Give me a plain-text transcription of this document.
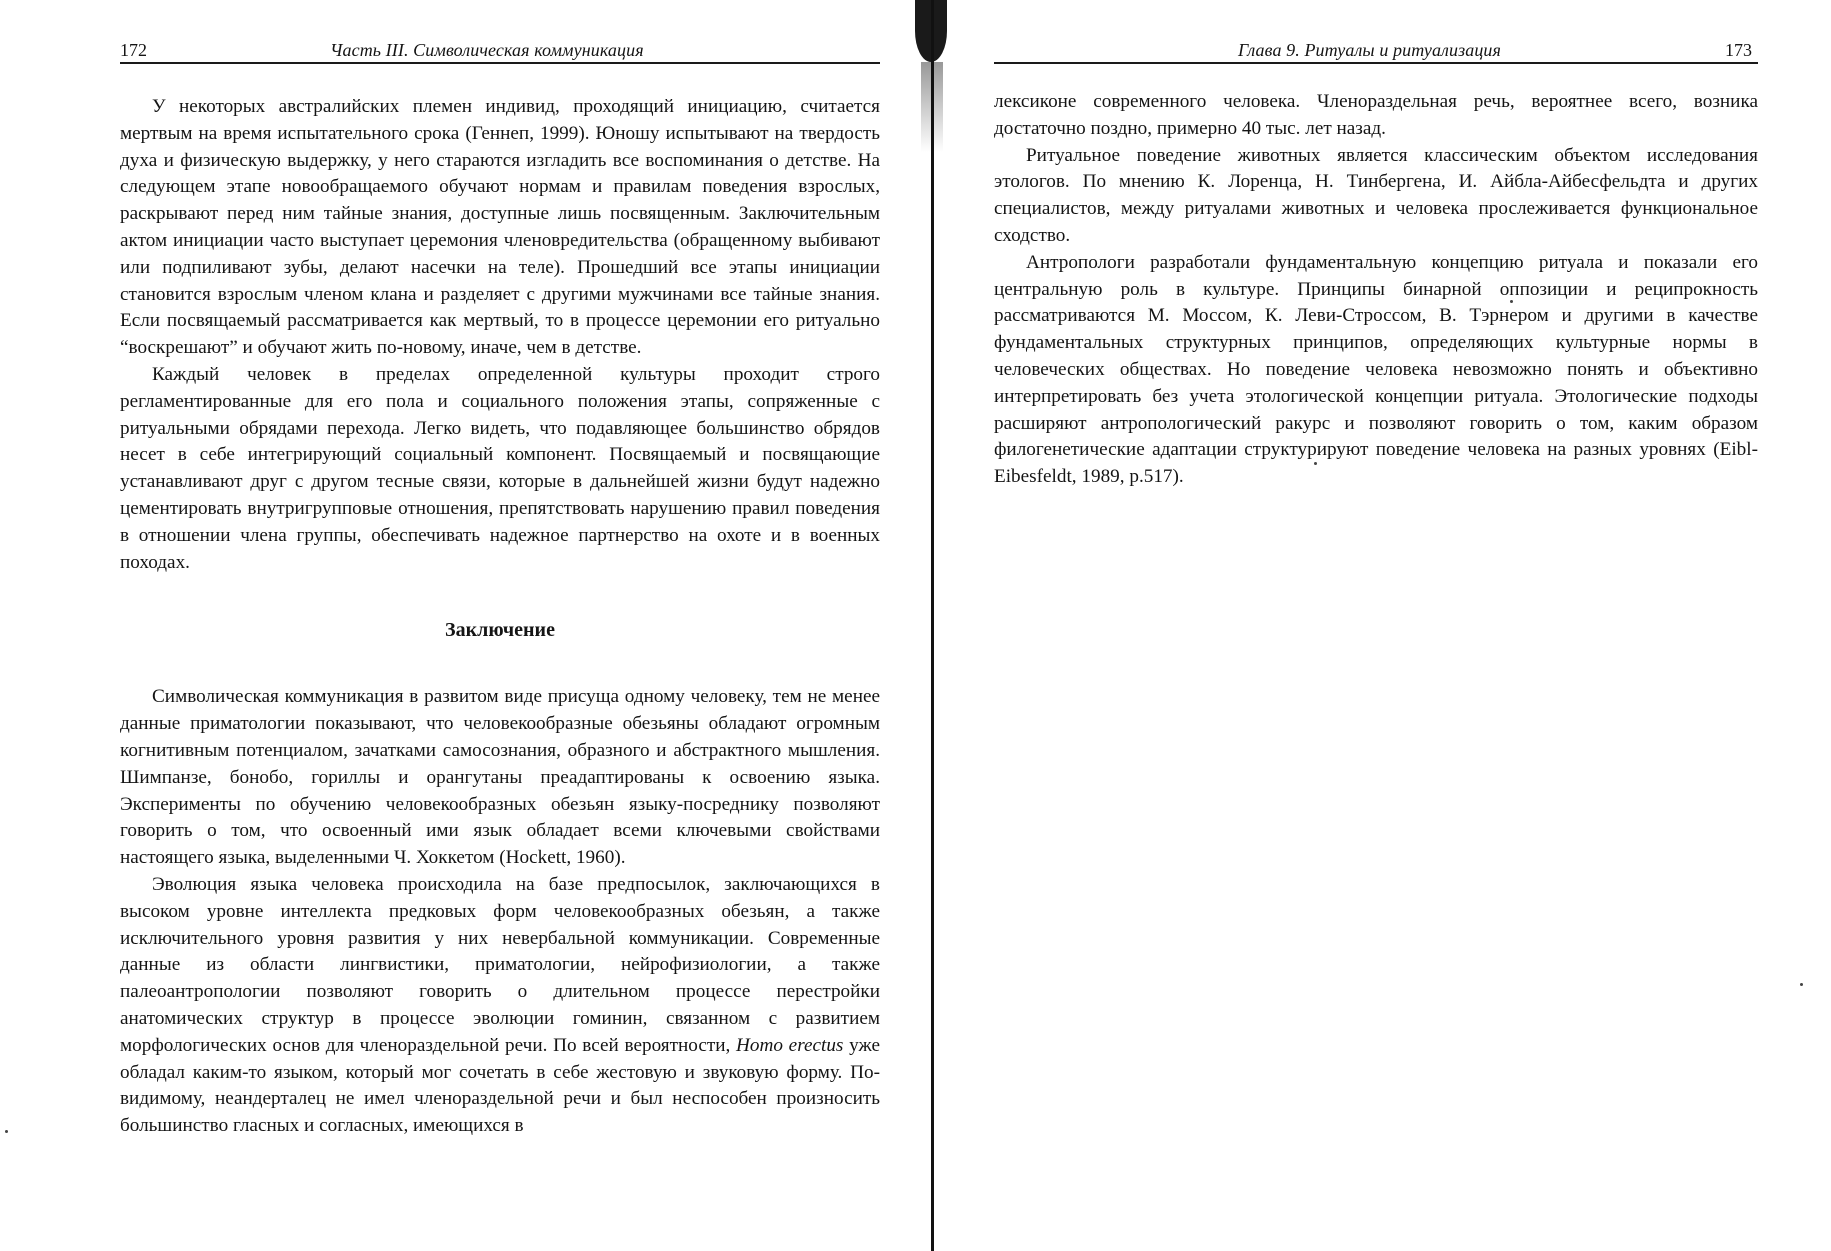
172	Часть III. Символическая коммуникация

У некоторых австралийских племен индивид, проходящий инициацию, считается мертвым на время испытательного срока (Геннеп, 1999). Юношу испытывают на твердость духа и физическую выдержку, у него стараются изгладить все воспоминания о детстве. На следующем этапе новообращаемого обучают нормам и правилам поведения взрослых, раскрывают перед ним тайные знания, доступные лишь посвященным. Заключительным актом инициации часто выступает церемония членовредительства (обращенному выбивают или подпиливают зубы, делают насечки на теле). Прошедший все этапы инициации становится взрослым членом клана и разделяет с другими мужчинами все тайные знания. Если посвящаемый рассматривается как мертвый, то в процессе церемонии его ритуально “воскрешают” и обучают жить по-новому, иначе, чем в детстве.

Каждый человек в пределах определенной культуры проходит строго регламентированные для его пола и социального положения этапы, сопряженные с ритуальными обрядами перехода. Легко видеть, что подавляющее большинство обрядов несет в себе интегрирующий социальный компонент. Посвящаемый и посвящающие устанавливают друг с другом тесные связи, которые в дальнейшей жизни будут надежно цементировать внутригрупповые отношения, препятствовать нарушению правил поведения в отношении члена группы, обеспечивать надежное партнерство на охоте и в военных походах.

Заключение

Символическая коммуникация в развитом виде присуща одному человеку, тем не менее данные приматологии показывают, что человекообразные обезьяны обладают огромным когнитивным потенциалом, зачатками самосознания, образного и абстрактного мышления. Шимпанзе, бонобо, гориллы и орангутаны преадаптированы к освоению языка. Эксперименты по обучению человекообразных обезьян языку-посреднику позволяют говорить о том, что освоенный ими язык обладает всеми ключевыми свойствами настоящего языка, выделенными Ч. Хоккетом (Hockett, 1960).

Эволюция языка человека происходила на базе предпосылок, заключающихся в высоком уровне интеллекта предковых форм человекообразных обезьян, а также исключительного уровня развития у них невербальной коммуникации. Современные данные из области лингвистики, приматологии, нейрофизиологии, а также палеоантропологии позволяют говорить о длительном процессе перестройки анатомических структур в процессе эволюции гоминин, связанном с развитием морфологических основ для членораздельной речи. По всей вероятности, Homo erectus уже обладал каким-то языком, который мог сочетать в себе жестовую и звуковую форму. По-видимому, неандерталец не имел членораздельной речи и был неспособен произносить большинство гласных и согласных, имеющихся в

Глава 9. Ритуалы и ритуализация	173

лексиконе современного человека. Членораздельная речь, вероятнее всего, возника достаточно поздно, примерно 40 тыс. лет назад.

Ритуальное поведение животных является классическим объектом исследования этологов. По мнению К. Лоренца, Н. Тинбергена, И. Айбла-Айбесфельдта и других специалистов, между ритуалами животных и человека прослеживается функциональное сходство.

Антропологи разработали фундаментальную концепцию ритуала и показали его центральную роль в культуре. Принципы бинарной оппозиции и реципрокность рассматриваются М. Моссом, К. Леви-Строссом, В. Тэрнером и другими в качестве фундаментальных структурных принципов, определяющих культурные нормы в человеческих обществах. Но поведение человека невозможно понять и объективно интерпретировать без учета этологической концепции ритуала. Этологические подходы расширяют антропологический ракурс и позволяют говорить о том, каким образом филогенетические адаптации структурируют поведение человека на разных уровнях (Eibl-Eibesfeldt, 1989, p.517).
